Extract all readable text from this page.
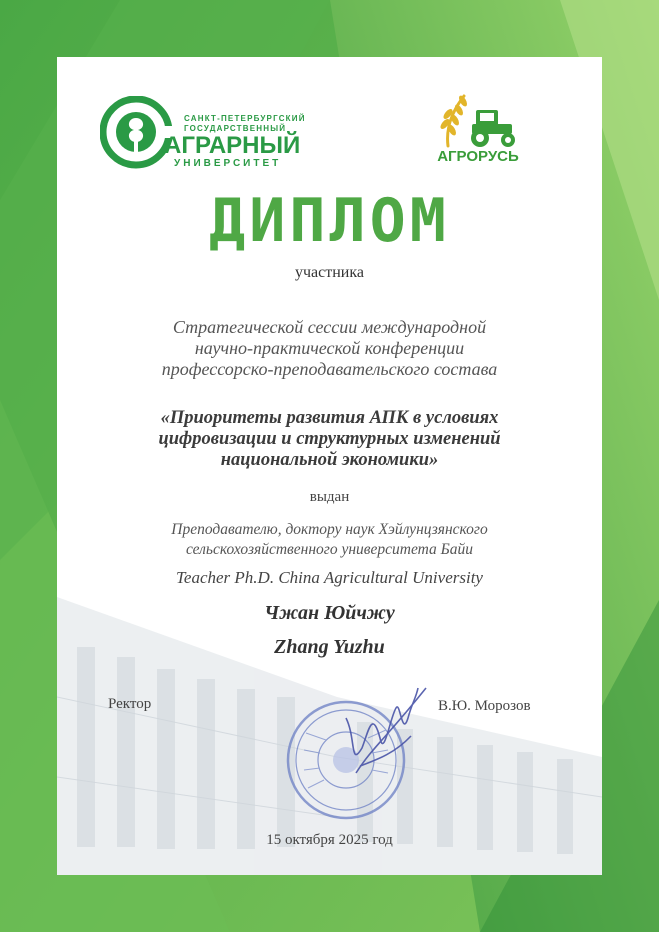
САНКТ-ПЕТЕРБУРГСКИЙ
ГОСУДАРСТВЕННЫЙ
АГРАРНЫЙ
УНИВЕРСИТЕТ	АГРОРУСЬ
ДИПЛОМ
участника
Стратегической сессии международной
научно-практической конференции
профессорско-преподавательского состава
«Приоритеты развития АПК в условиях
цифровизации и структурных изменений
национальной экономики»
выдан
Преподавателю, доктору наук Хэйлунцзянского
сельскохозяйственного университета Байи
Teacher Ph.D. China Agricultural University
Чжан Юйчжу
Zhang Yuzhu
Ректор	В.Ю. Морозов
15 октября 2025 год
